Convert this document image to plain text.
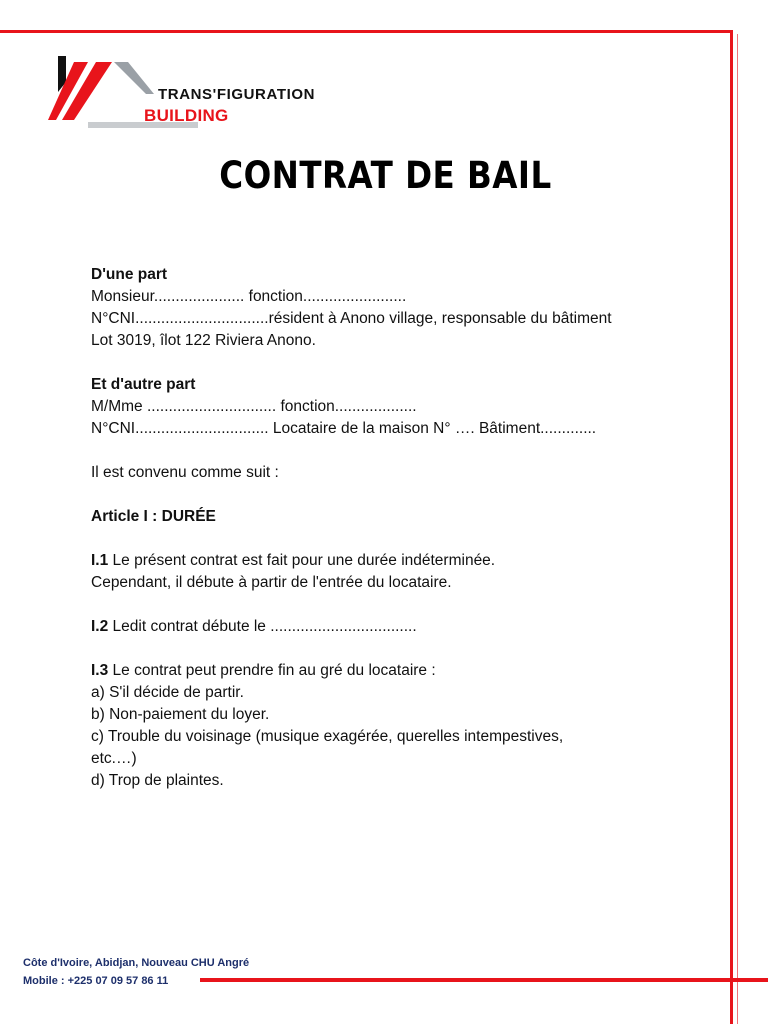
TRANS'FIGURATION
BUILDING
CONTRAT DE BAIL

D'une part

Monsieur..................... fonction........................

N°CNI...............................résident à Anono village, responsable du bâtiment

Lot 3019, îlot 122 Riviera Anono.

Et d'autre part

M/Mme .............................. fonction...................

N°CNI............................... Locataire de la maison N° …. Bâtiment.............

Il est convenu comme suit :

Article I : DURÉE

I.1 Le présent contrat est fait pour une durée indéterminée.

Cependant, il débute à partir de l'entrée du locataire.

I.2 Ledit contrat débute le ..................................

I.3 Le contrat peut prendre fin au gré du locataire :

a) S'il décide de partir.

b) Non-paiement du loyer.

c) Trouble du voisinage (musique exagérée, querelles intempestives,

etc.…)

d) Trop de plaintes.

Côte d'Ivoire, Abidjan, Nouveau CHU Angré
Mobile : +225 07 09 57 86 11
